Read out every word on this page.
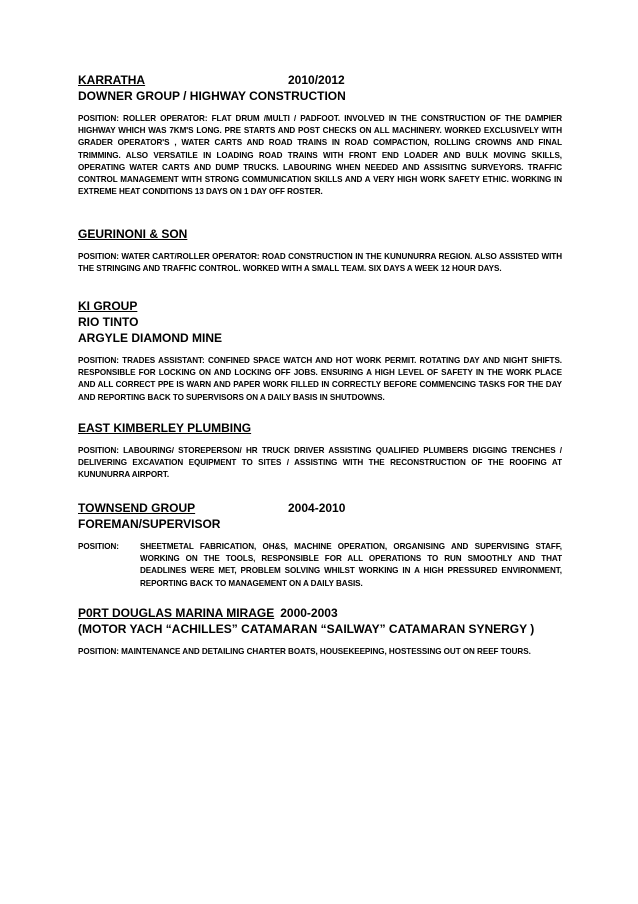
KARRATHA	2010/2012
DOWNER GROUP / HIGHWAY CONSTRUCTION
POSITION: ROLLER OPERATOR: FLAT DRUM /MULTI / PADFOOT. INVOLVED IN THE CONSTRUCTION OF THE DAMPIER HIGHWAY WHICH WAS 7KM'S LONG. PRE STARTS AND POST CHECKS ON ALL MACHINERY. WORKED EXCLUSIVELY WITH GRADER OPERATOR'S , WATER CARTS AND ROAD TRAINS IN ROAD COMPACTION, ROLLING CROWNS AND FINAL TRIMMING. ALSO VERSATILE IN LOADING ROAD TRAINS WITH FRONT END LOADER AND BULK MOVING SKILLS, OPERATING WATER CARTS AND DUMP TRUCKS. LABOURING WHEN NEEDED AND ASSISITNG SURVEYORS. TRAFFIC CONTROL MANAGEMENT WITH STRONG COMMUNICATION SKILLS AND A VERY HIGH WORK SAFETY ETHIC. WORKING IN EXTREME HEAT CONDITIONS 13 DAYS ON 1 DAY OFF ROSTER.
GEURINONI & SON
POSITION: WATER CART/ROLLER OPERATOR: ROAD CONSTRUCTION IN THE KUNUNURRA REGION. ALSO ASSISTED WITH THE STRINGING AND TRAFFIC CONTROL. WORKED WITH A SMALL TEAM. SIX DAYS A WEEK 12 HOUR DAYS.
KI GROUP
RIO TINTO
ARGYLE DIAMOND MINE
POSITION: TRADES ASSISTANT: CONFINED SPACE WATCH AND HOT WORK PERMIT. ROTATING DAY AND NIGHT SHIFTS. RESPONSIBLE FOR LOCKING ON AND LOCKING OFF JOBS. ENSURING A HIGH LEVEL OF SAFETY IN THE WORK PLACE AND ALL CORRECT PPE IS WARN AND PAPER WORK FILLED IN CORRECTLY BEFORE COMMENCING TASKS FOR THE DAY AND REPORTING BACK TO SUPERVISORS ON A DAILY BASIS IN SHUTDOWNS.
EAST KIMBERLEY PLUMBING
POSITION: LABOURING/ STOREPERSON/ HR TRUCK DRIVER ASSISTING QUALIFIED PLUMBERS DIGGING TRENCHES / DELIVERING EXCAVATION EQUIPMENT TO SITES / ASSISTING WITH THE RECONSTRUCTION OF THE ROOFING AT KUNUNURRA AIRPORT.
TOWNSEND GROUP	2004-2010
FOREMAN/SUPERVISOR
POSITION:	SHEETMETAL FABRICATION, OH&S, MACHINE OPERATION, ORGANISING AND SUPERVISING STAFF, WORKING ON THE TOOLS, RESPONSIBLE FOR ALL OPERATIONS TO RUN SMOOTHLY AND THAT DEADLINES WERE MET, PROBLEM SOLVING WHILST WORKING IN A HIGH PRESSURED ENVIRONMENT, REPORTING BACK TO MANAGEMENT ON A DAILY BASIS.
P0RT DOUGLAS MARINA MIRAGE 2000-2003
(MOTOR YACH “ACHILLES” CATAMARAN “SAILWAY” CATAMARAN SYNERGY )
POSITION: MAINTENANCE AND DETAILING CHARTER BOATS, HOUSEKEEPING, HOSTESSING OUT ON REEF TOURS.
